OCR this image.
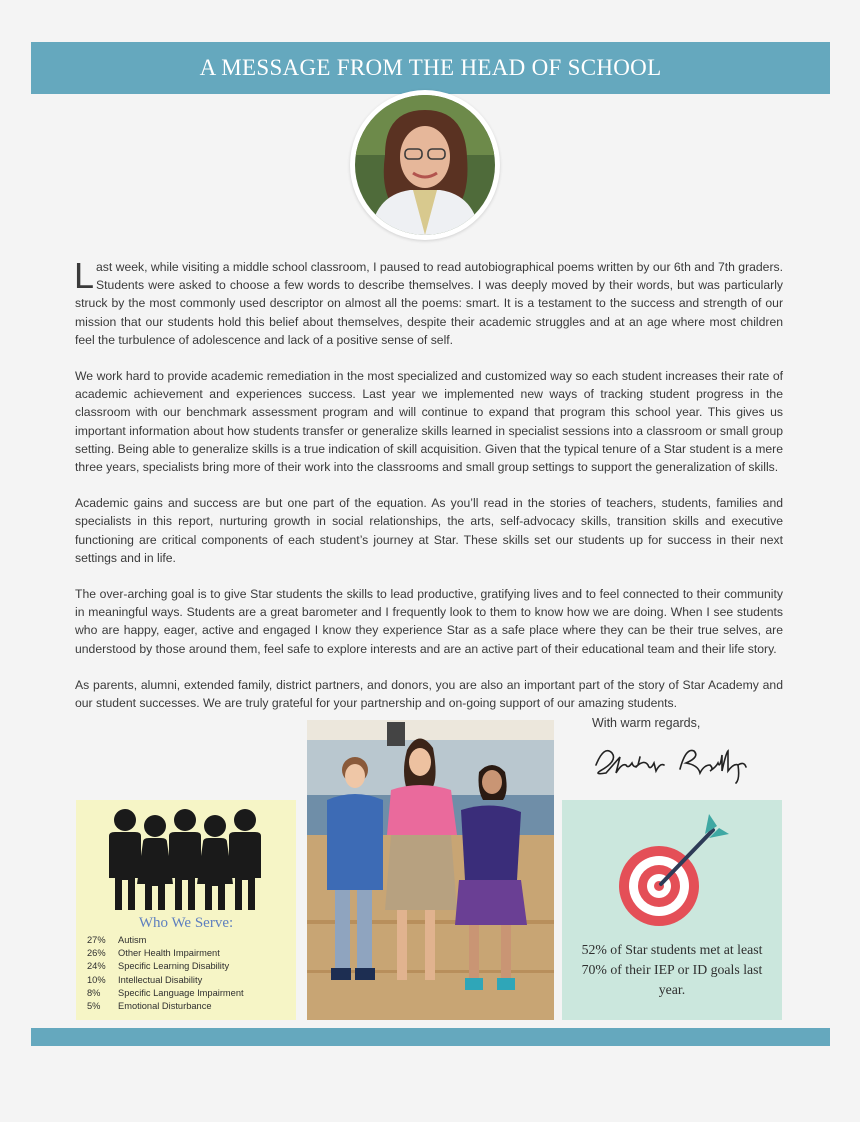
A MESSAGE FROM THE HEAD OF SCHOOL

Last week, while visiting a middle school classroom, I paused to read autobiographical poems written by our 6th and 7th graders. Students were asked to choose a few words to describe themselves. I was deeply moved by their words, but was particularly struck by the most commonly used descriptor on almost all the poems: smart. It is a testament to the success and strength of our mission that our students hold this belief about themselves, despite their academic struggles and at an age where most children feel the turbulence of adolescence and lack of a positive sense of self.

We work hard to provide academic remediation in the most specialized and customized way so each student increases their rate of academic achievement and experiences success. Last year we implemented new ways of tracking student progress in the classroom with our benchmark assessment program and will continue to expand that program this school year. This gives us important information about how students transfer or generalize skills learned in specialist sessions into a classroom or small group setting. Being able to generalize skills is a true indication of skill acquisition. Given that the typical tenure of a Star student is a mere three years, specialists bring more of their work into the classrooms and small group settings to support the generalization of skills.

Academic gains and success are but one part of the equation. As you’ll read in the stories of teachers, students, families and specialists in this report, nurturing growth in social relationships, the arts, self-advocacy skills, transition skills and executive functioning are critical components of each student’s journey at Star. These skills set our students up for success in their next settings and in life.

The over-arching goal is to give Star students the skills to lead productive, gratifying lives and to feel connected to their community in meaningful ways. Students are a great barometer and I frequently look to them to know how we are doing. When I see students who are happy, eager, active and engaged I know they experience Star as a safe place where they can be their true selves, are understood by those around them, feel safe to explore interests and are an active part of their educational team and their life story.

As parents, alumni, extended family, district partners, and donors, you are also an important part of the story of Star Academy and our student successes. We are truly grateful for your partnership and on-going support of our amazing students.

With warm regards,
Who We Serve:
27%	Autism
26%	Other Health Impairment
24%	Specific Learning Disability
10%	Intellectual Disability
8%	Specific Language Impairment
5%	Emotional Disturbance
52% of Star students met at least 70% of their IEP or ID goals last year.
